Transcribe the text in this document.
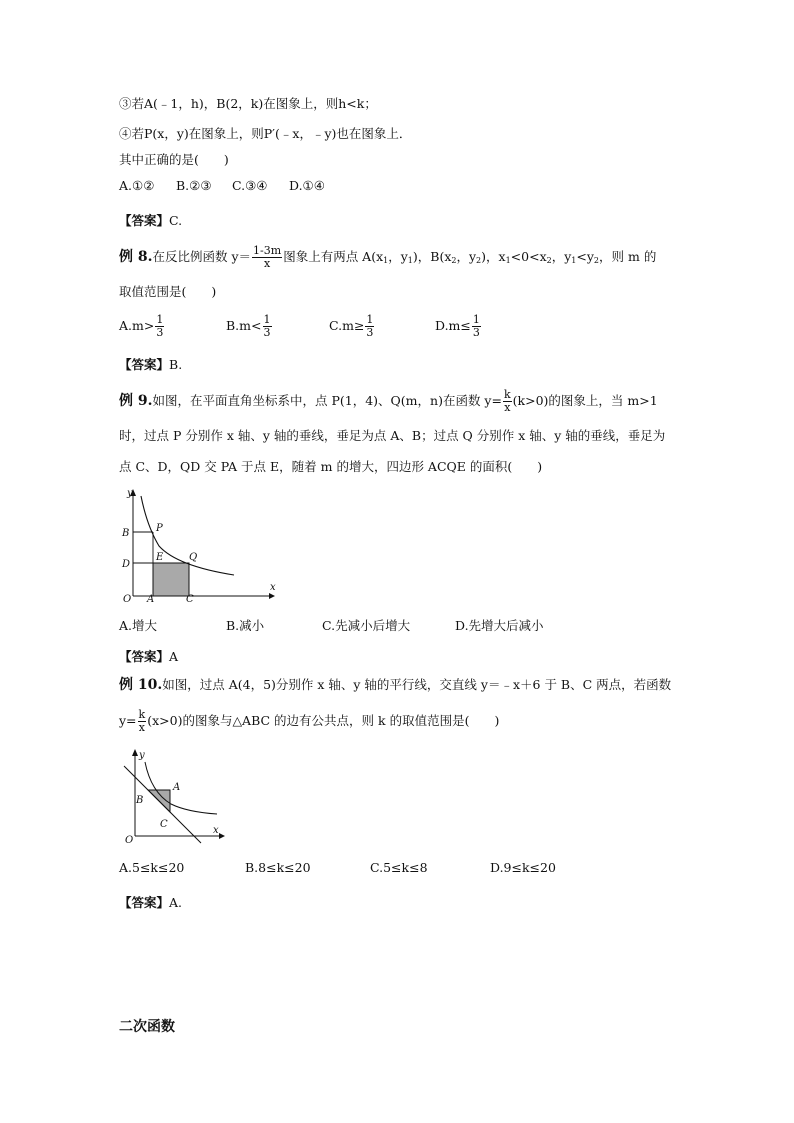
③若A(﹣1，h)，B(2，k)在图象上，则h<k；
④若P(x，y)在图象上，则P′(﹣x，﹣y)也在图象上．
其中正确的是(　　)
A.①② B.②③ C.③④ D.①④
【答案】C.
例 8.在反比例函数 $y= \frac{1-3m}{x}$ 图象上有两点 $A(x_1$，$y_1$)，$B(x_2$，$y_2$)，$x_1<0<x_2$，$y_1<y_2$，则 m 的
取值范围是(　　)
$A.m> \frac{1}{3}$	$B.m< \frac{1}{3}$	$C.m\ge \frac{1}{3}$	$D.m\le \frac{1}{3}$
【答案】B.
例 9.如图，在平面直角坐标系中，点 P(1，4)、Q(m，n)在函数 $y= \frac{k}{x} (k>0)$的图象上，当 m>1
时，过点 P 分别作 x 轴、y 轴的垂线，垂足为点 A、B；过点 Q 分别作 x 轴、y 轴的垂线，垂足为
点 C、D，QD 交 PA 于点 E，随着 m 的增大，四边形 ACQE 的面积(　　)
y
x
B	P
E	Q
D
O A	C
A.增大	B.减小	C.先减小后增大	D.先增大后减小
【答案】A
例 10.如图，过点 A(4，5)分别作 x 轴、y 轴的平行线，交直线 y＝﹣x＋6 于 B、C 两点，若函数
$y= \frac{k}{x} (x>0)$的图象与△ABC 的边有公共点，则 k 的取值范围是(　　)
y
x
A
B
C
O
A.5≤k≤20	B.8≤k≤20	C.5≤k≤8	D.9≤k≤20
【答案】A.
二次函数
